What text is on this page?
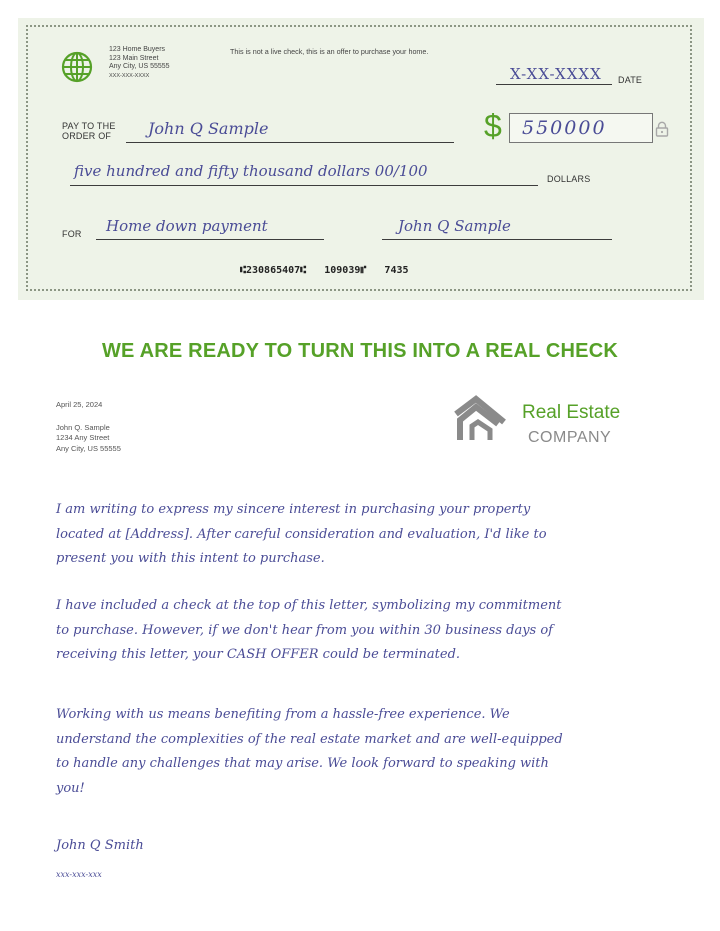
123 Home Buyers
123 Main Street
Any City, US 55555
XXX-XXX-XXXX
This is not a live check, this is an offer to purchase your home.
X-XX-XXXX DATE
PAY TO THE
ORDER OF John Q Sample	$ 550000
five hundred and fifty thousand dollars 00/100	DOLLARS
FOR Home down payment	John Q Sample
⑆230865407⑆   109039⑈   7435
WE ARE READY TO TURN THIS INTO A REAL CHECK
April 25, 2024
John Q. Sample
1234 Any Street
Any City, US 55555
Real Estate
COMPANY
I am writing to express my sincere interest in purchasing your property
located at [Address]. After careful consideration and evaluation, I'd like to
present you with this intent to purchase.
I have included a check at the top of this letter, symbolizing my commitment
to purchase. However, if we don't hear from you within 30 business days of
receiving this letter, your CASH OFFER could be terminated.
Working with us means benefiting from a hassle-free experience. We
understand the complexities of the real estate market and are well-equipped
to handle any challenges that may arise. We look forward to speaking with
you!
John Q Smith
xxx-xxx-xxx
